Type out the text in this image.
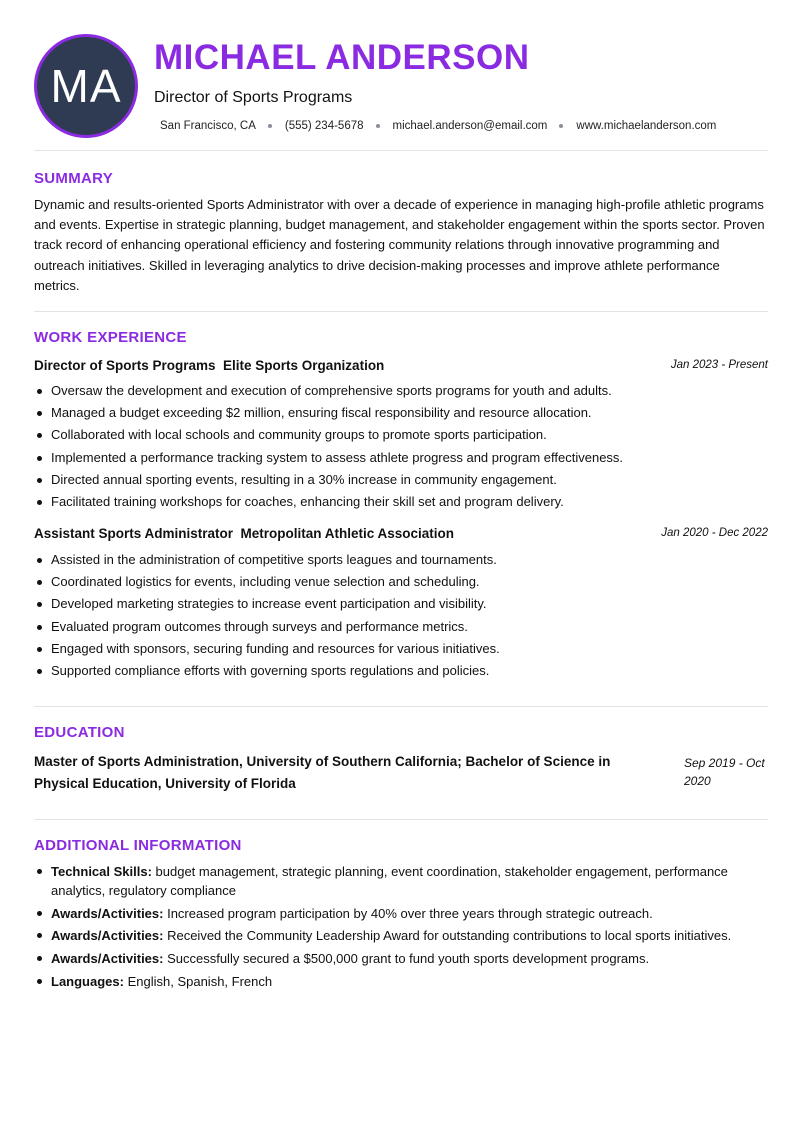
MA
MICHAEL ANDERSON
Director of Sports Programs
San Francisco, CA	(555) 234-5678	michael.anderson@email.com	www.michaelanderson.com
SUMMARY
Dynamic and results-oriented Sports Administrator with over a decade of experience in managing high-profile athletic programs and events. Expertise in strategic planning, budget management, and stakeholder engagement within the sports sector. Proven track record of enhancing operational efficiency and fostering community relations through innovative programming and outreach initiatives. Skilled in leveraging analytics to drive decision-making processes and improve athlete performance metrics.
WORK EXPERIENCE
Director of Sports Programs  Elite Sports Organization	Jan 2023 - Present
Oversaw the development and execution of comprehensive sports programs for youth and adults.
Managed a budget exceeding $2 million, ensuring fiscal responsibility and resource allocation.
Collaborated with local schools and community groups to promote sports participation.
Implemented a performance tracking system to assess athlete progress and program effectiveness.
Directed annual sporting events, resulting in a 30% increase in community engagement.
Facilitated training workshops for coaches, enhancing their skill set and program delivery.
Assistant Sports Administrator  Metropolitan Athletic Association	Jan 2020 - Dec 2022
Assisted in the administration of competitive sports leagues and tournaments.
Coordinated logistics for events, including venue selection and scheduling.
Developed marketing strategies to increase event participation and visibility.
Evaluated program outcomes through surveys and performance metrics.
Engaged with sponsors, securing funding and resources for various initiatives.
Supported compliance efforts with governing sports regulations and policies.
EDUCATION
Master of Sports Administration, University of Southern California; Bachelor of Science in Physical Education, University of Florida
Sep 2019 - Oct 2020
ADDITIONAL INFORMATION
Technical Skills: budget management, strategic planning, event coordination, stakeholder engagement, performance analytics, regulatory compliance
Awards/Activities: Increased program participation by 40% over three years through strategic outreach.
Awards/Activities: Received the Community Leadership Award for outstanding contributions to local sports initiatives.
Awards/Activities: Successfully secured a $500,000 grant to fund youth sports development programs.
Languages: English, Spanish, French
